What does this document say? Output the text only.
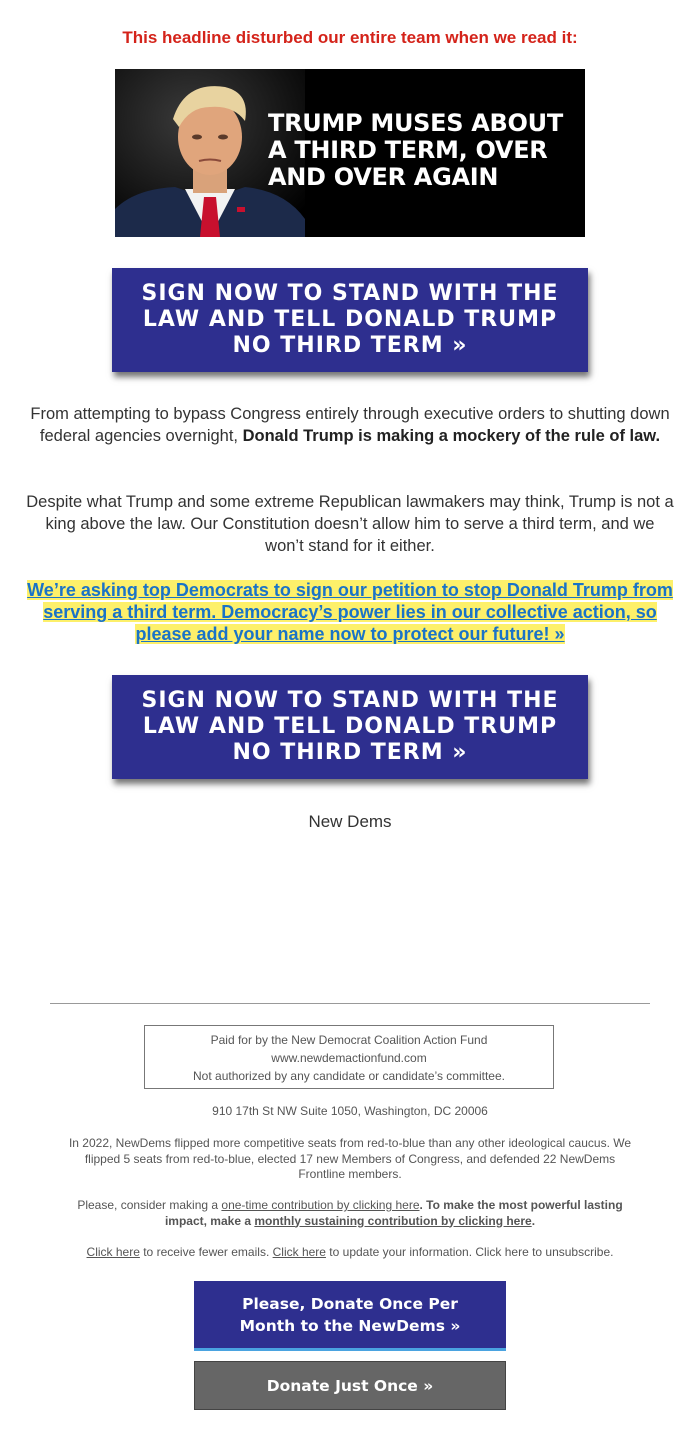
This headline disturbed our entire team when we read it:
TRUMP MUSES ABOUT
A THIRD TERM, OVER
AND OVER AGAIN
SIGN NOW TO STAND WITH THE LAW AND TELL DONALD TRUMP NO THIRD TERM »
From attempting to bypass Congress entirely through executive orders to shutting down federal agencies overnight, Donald Trump is making a mockery of the rule of law.
Despite what Trump and some extreme Republican lawmakers may think, Trump is not a king above the law. Our Constitution doesn’t allow him to serve a third term, and we won’t stand for it either.
We’re asking top Democrats to sign our petition to stop Donald Trump from serving a third term. Democracy’s power lies in our collective action, so please add your name now to protect our future! »
SIGN NOW TO STAND WITH THE LAW AND TELL DONALD TRUMP NO THIRD TERM »
New Dems
Paid for by the New Democrat Coalition Action Fund
www.newdemactionfund.com
Not authorized by any candidate or candidate’s committee.
910 17th St NW Suite 1050, Washington, DC 20006
In 2022, NewDems flipped more competitive seats from red-to-blue than any other ideological caucus. We flipped 5 seats from red-to-blue, elected 17 new Members of Congress, and defended 22 NewDems Frontline members.
Please, consider making a one-time contribution by clicking here. To make the most powerful lasting impact, make a monthly sustaining contribution by clicking here.
Click here to receive fewer emails. Click here to update your information. Click here to unsubscribe.
Please, Donate Once Per
Month to the NewDems »
Donate Just Once »
